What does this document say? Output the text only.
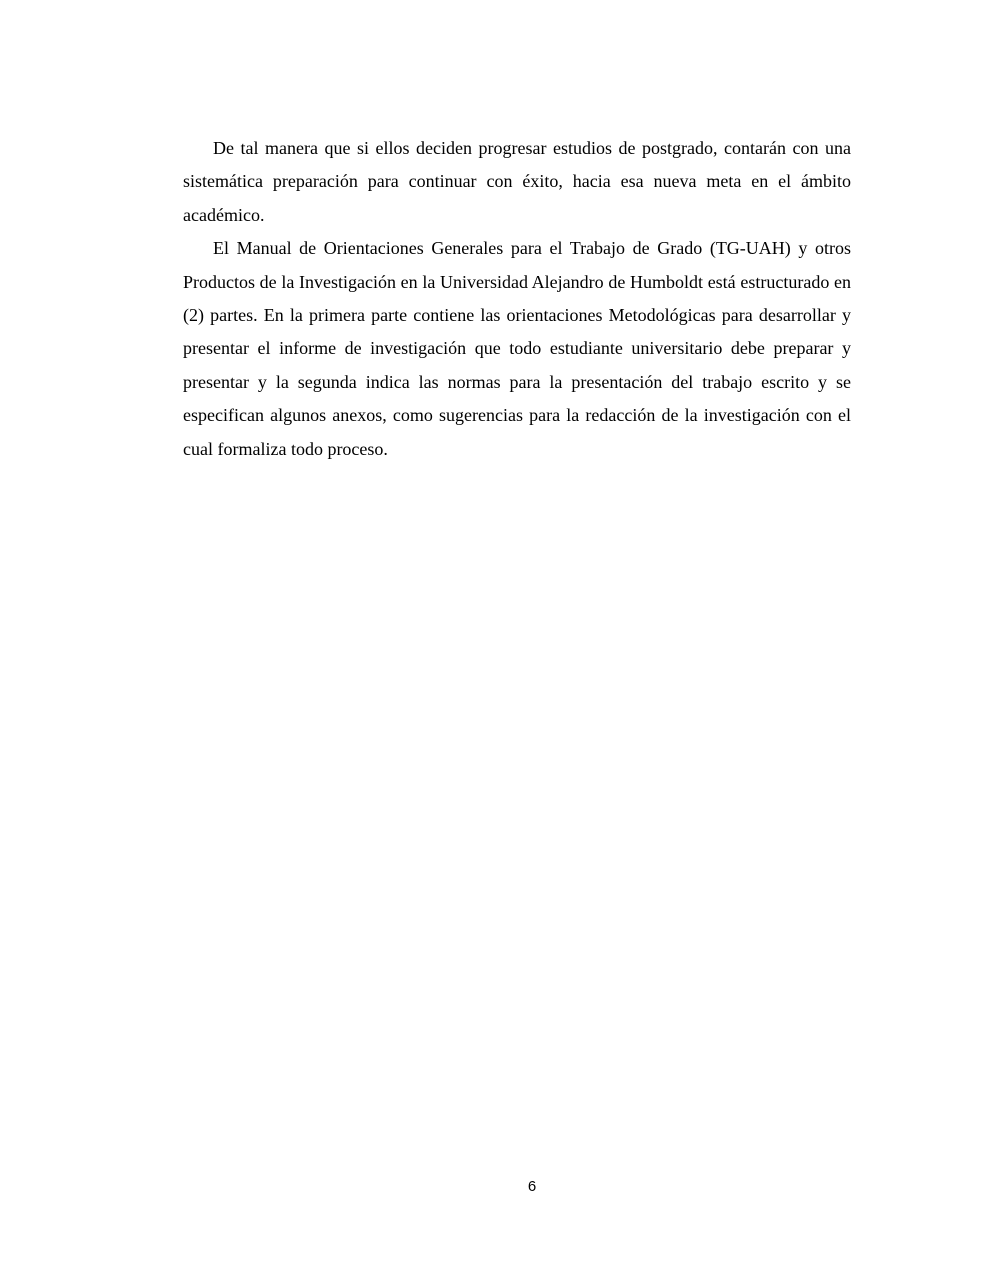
De tal manera que si ellos deciden progresar estudios de postgrado, contarán con una sistemática preparación para continuar con éxito, hacia esa nueva meta en el ámbito académico.

El Manual de Orientaciones Generales para el Trabajo de Grado (TG-UAH) y otros Productos de la Investigación en la Universidad Alejandro de Humboldt está estructurado en (2) partes. En la primera parte contiene las orientaciones Metodológicas para desarrollar y presentar el informe de investigación que todo estudiante universitario debe preparar y presentar y la segunda indica las normas para la presentación del trabajo escrito y se especifican algunos anexos, como sugerencias para la redacción de la investigación con el cual formaliza todo proceso.

6
